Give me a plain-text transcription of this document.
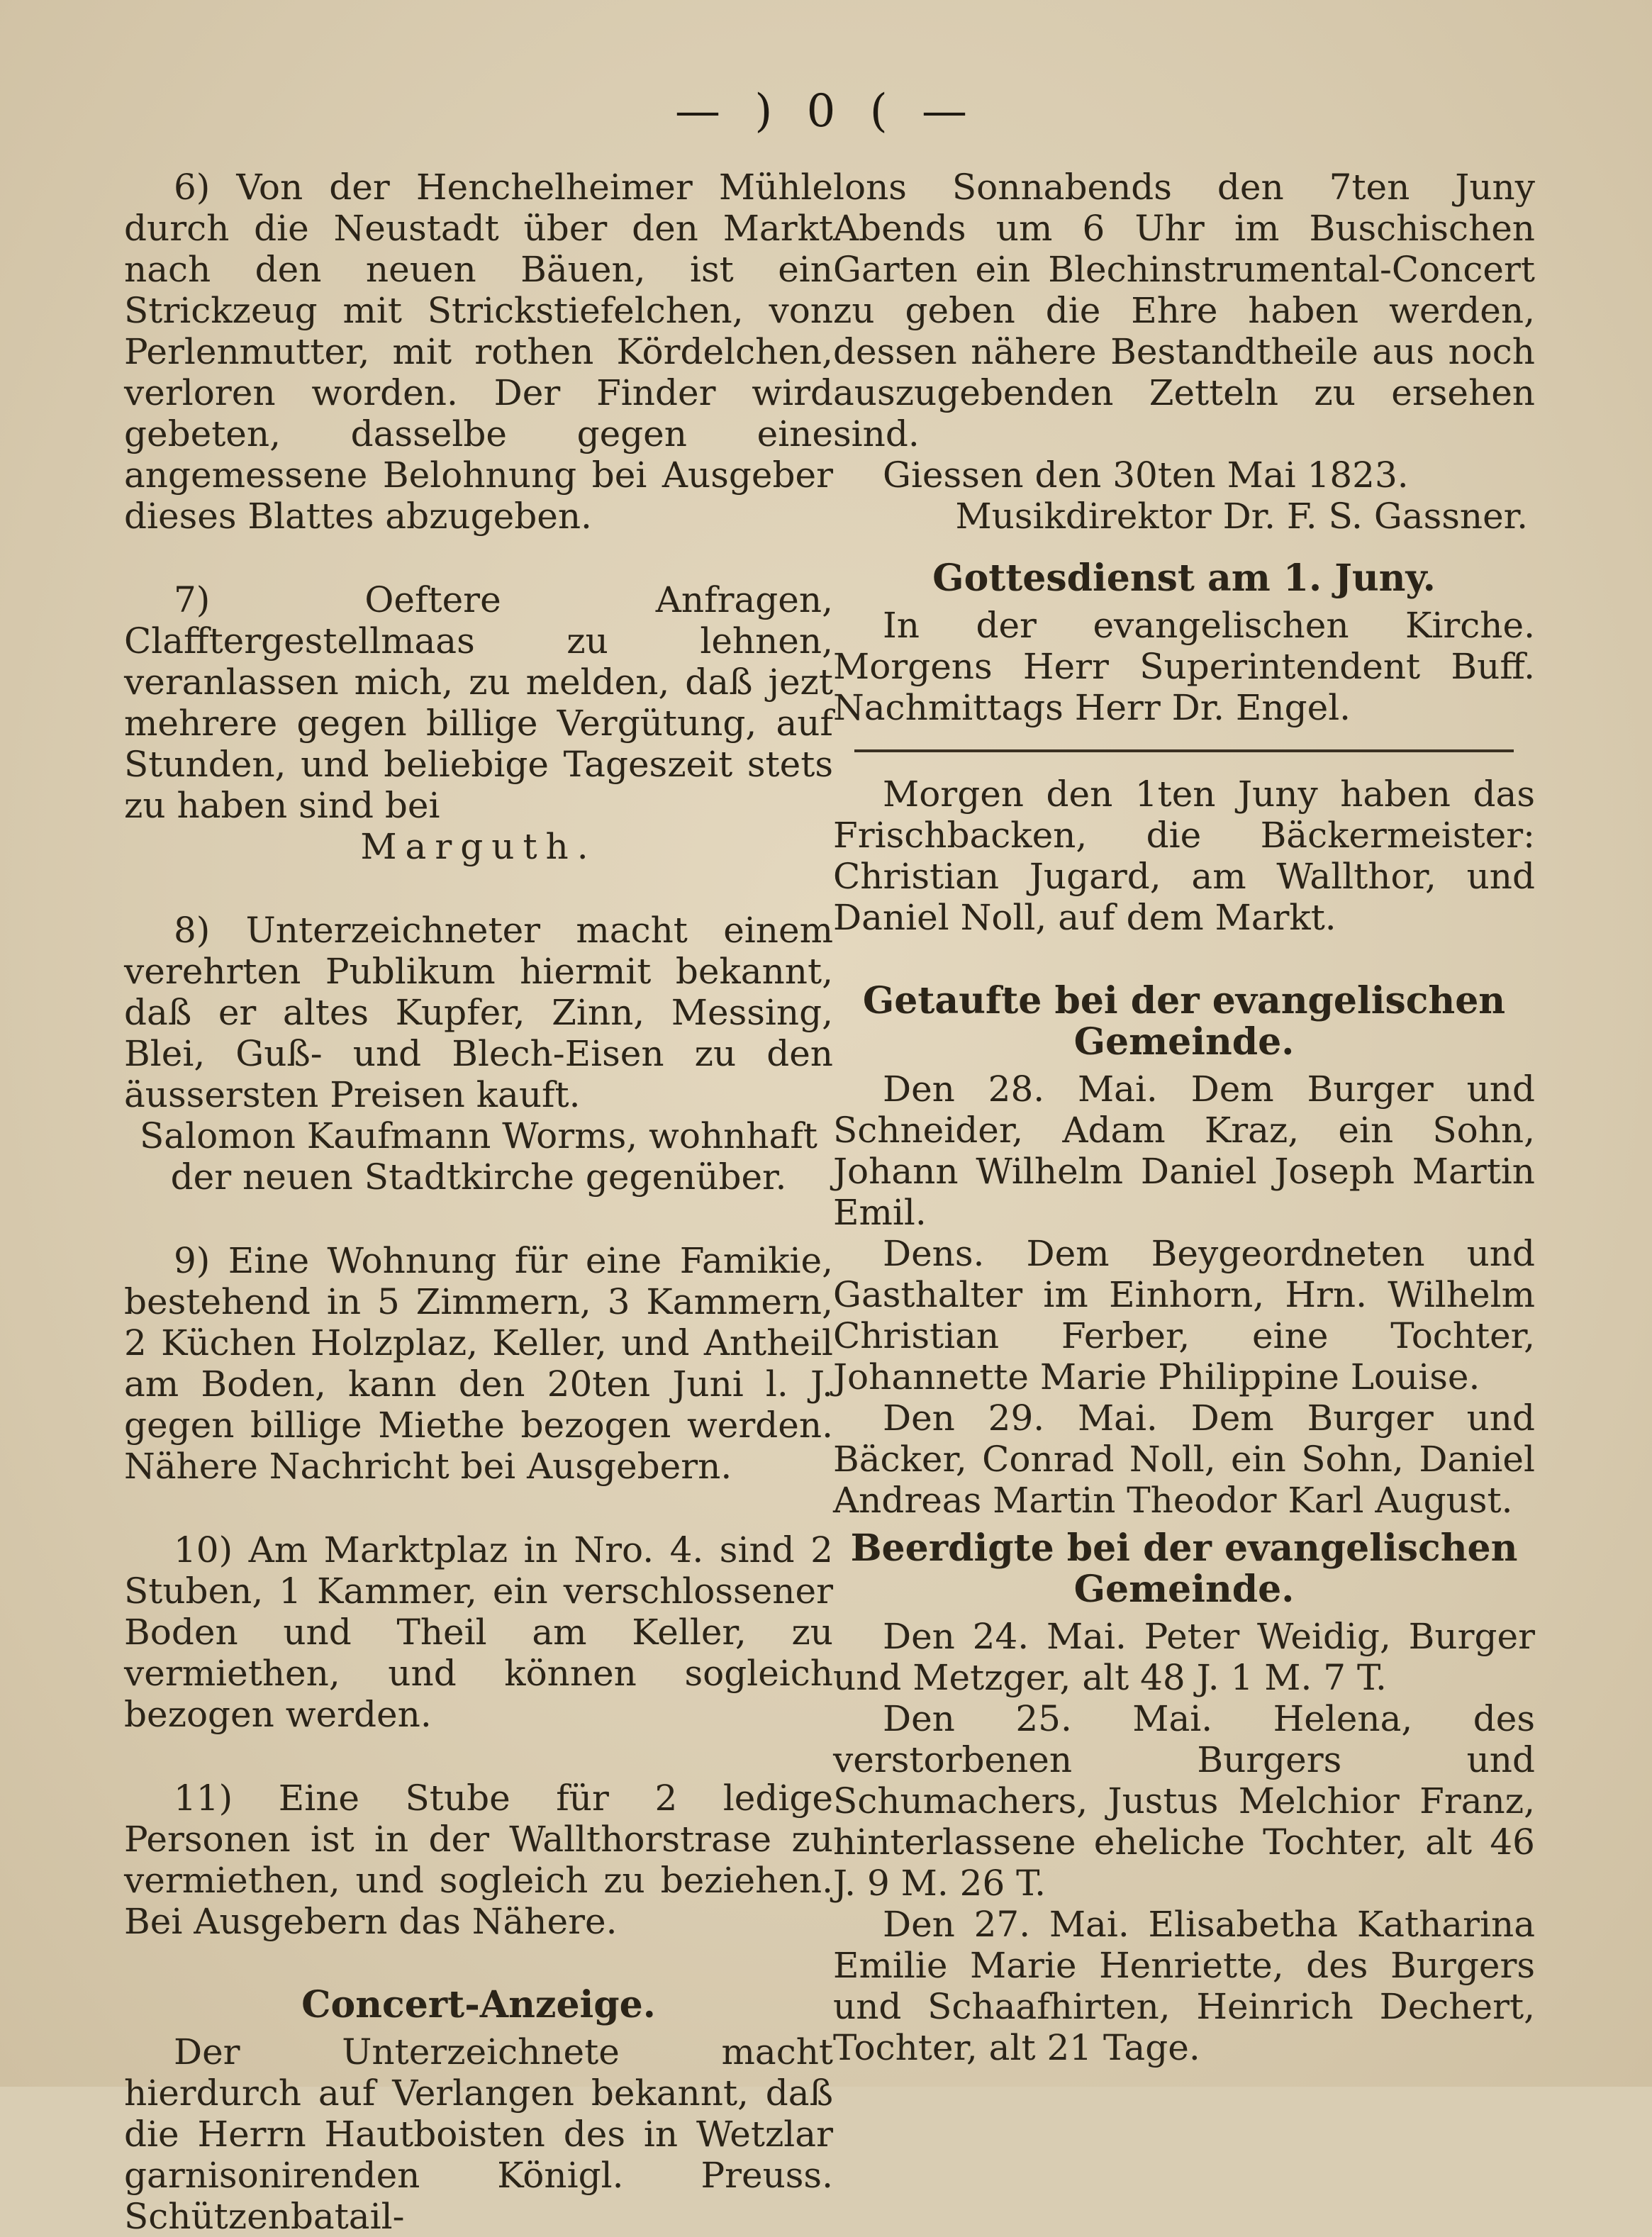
— ) 0 ( —

6) Von der Henchelheimer Mühle durch die Neustadt über den Markt nach den neuen Bäuen, ist ein Strickzeug mit Strickstiefelchen, von Perlenmutter, mit rothen Kördelchen, verloren worden. Der Finder wird gebeten, dasselbe gegen eine angemessene Belohnung bei Ausgeber dieses Blattes abzugeben.

7) Oeftere Anfragen, Clafftergestellmaas zu lehnen, veranlassen mich, zu melden, daß jezt mehrere gegen billige Vergütung, auf Stunden, und beliebige Tageszeit stets zu haben sind bei

Marguth.

8) Unterzeichneter macht einem verehrten Publikum hiermit bekannt, daß er altes Kupfer, Zinn, Messing, Blei, Guß- und Blech-Eisen zu den äussersten Preisen kauft.

Salomon Kaufmann Worms, wohnhaft der neuen Stadtkirche gegenüber.

9) Eine Wohnung für eine Famikie, bestehend in 5 Zimmern, 3 Kammern, 2 Küchen Holzplaz, Keller, und Antheil am Boden, kann den 20ten Juni l. J. gegen billige Miethe bezogen werden. Nähere Nachricht bei Ausgebern.

10) Am Marktplaz in Nro. 4. sind 2 Stuben, 1 Kammer, ein verschlossener Boden und Theil am Keller, zu vermiethen, und können sogleich bezogen werden.

11) Eine Stube für 2 ledige Personen ist in der Wallthorstrase zu vermiethen, und sogleich zu beziehen. Bei Ausgebern das Nähere.

Concert-Anzeige.

Der Unterzeichnete macht hierdurch auf Verlangen bekannt, daß die Herrn Hautboisten des in Wetzlar garnisonirenden Königl. Preuss. Schützenbatail-

lons Sonnabends den 7ten Juny Abends um 6 Uhr im Buschischen Garten ein Blechinstrumental-Concert zu geben die Ehre haben werden, dessen nähere Bestandtheile aus noch auszugebenden Zetteln zu ersehen sind.

Giessen den 30ten Mai 1823.

Musikdirektor Dr. F. S. Gassner.

Gottesdienst am 1. Juny.

In der evangelischen Kirche. Morgens Herr Superintendent Buff. Nachmittags Herr Dr. Engel.

Morgen den 1ten Juny haben das Frischbacken, die Bäckermeister: Christian Jugard, am Wallthor, und Daniel Noll, auf dem Markt.

Getaufte bei der evangelischen Gemeinde.

Den 28. Mai. Dem Burger und Schneider, Adam Kraz, ein Sohn, Johann Wilhelm Daniel Joseph Martin Emil.

Dens. Dem Beygeordneten und Gasthalter im Einhorn, Hrn. Wilhelm Christian Ferber, eine Tochter, Johannette Marie Philippine Louise.

Den 29. Mai. Dem Burger und Bäcker, Conrad Noll, ein Sohn, Daniel Andreas Martin Theodor Karl August.

Beerdigte bei der evangelischen Gemeinde.

Den 24. Mai. Peter Weidig, Burger und Metzger, alt 48 J. 1 M. 7 T.

Den 25. Mai. Helena, des verstorbenen Burgers und Schumachers, Justus Melchior Franz, hinterlassene eheliche Tochter, alt 46 J. 9 M. 26 T.

Den 27. Mai. Elisabetha Katharina Emilie Marie Henriette, des Burgers und Schaafhirten, Heinrich Dechert, Tochter, alt 21 Tage.
